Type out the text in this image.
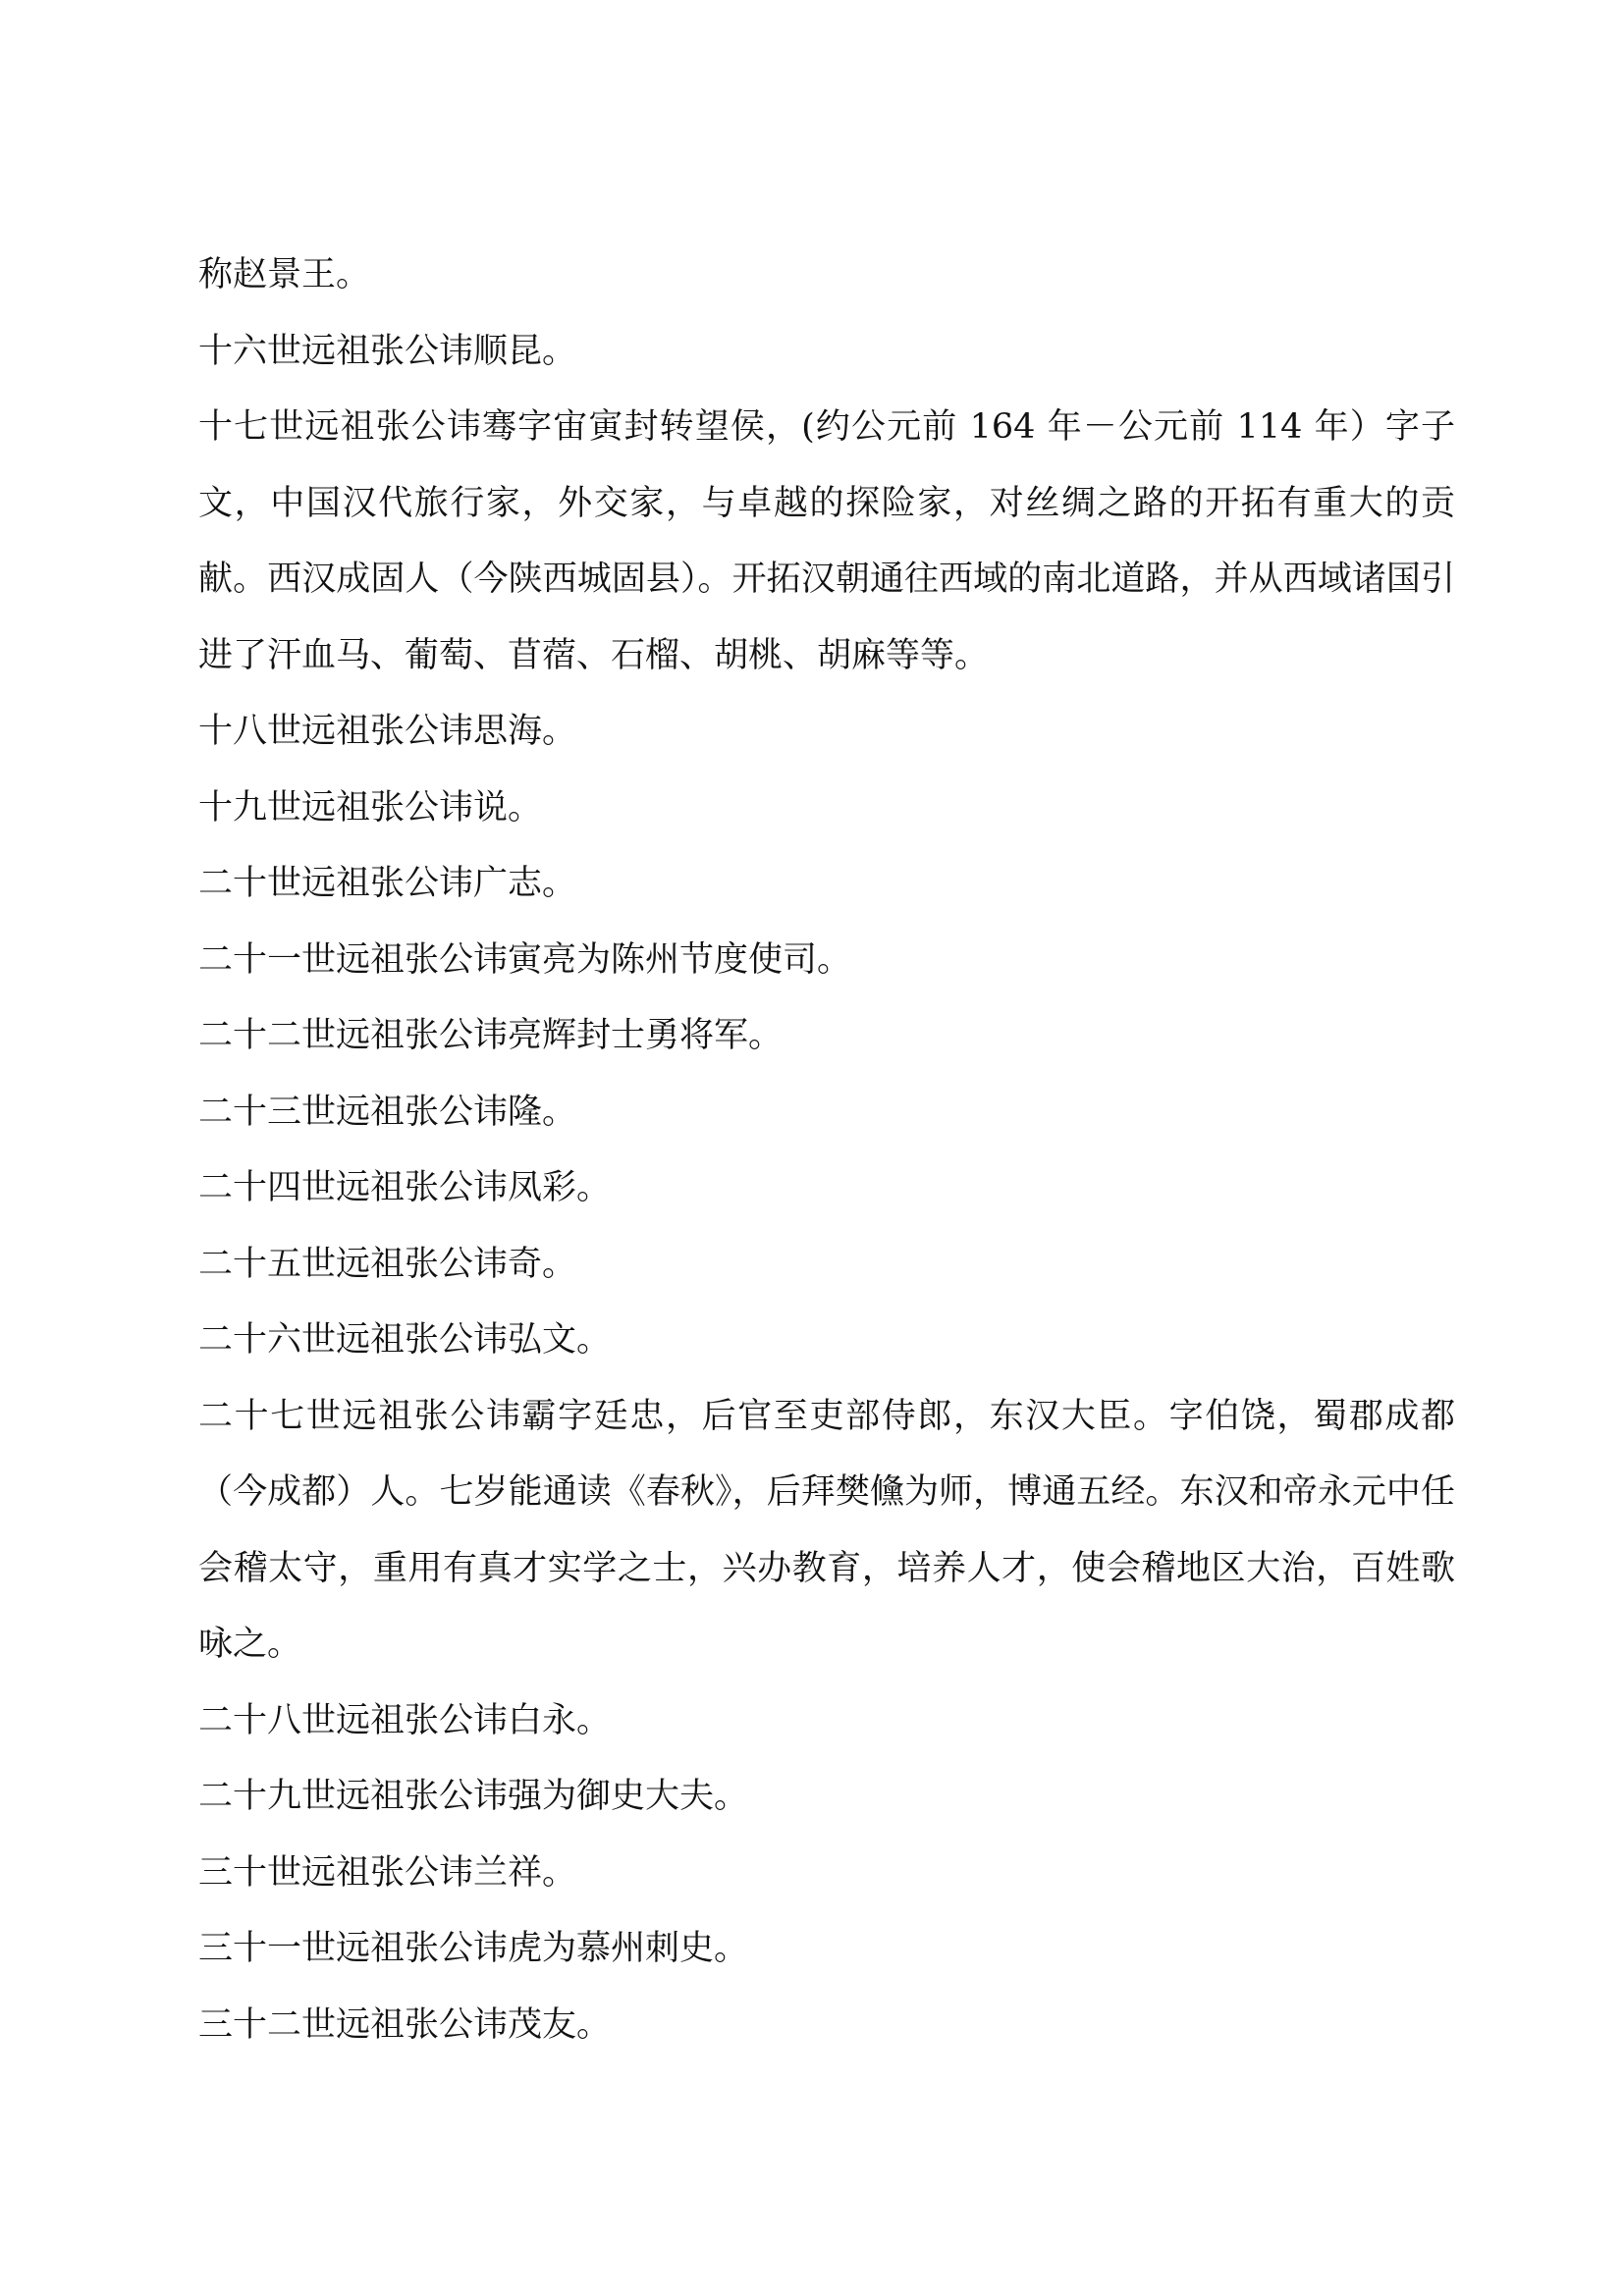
称赵景王。

十六世远祖张公讳顺昆。

十七世远祖张公讳骞字宙寅封转望侯，(约公元前 164 年－公元前 114 年）字子文，中国汉代旅行家，外交家，与卓越的探险家，对丝绸之路的开拓有重大的贡献。西汉成固人（今陕西城固县）。开拓汉朝通往西域的南北道路，并从西域诸国引进了汗血马、葡萄、苜蓿、石榴、胡桃、胡麻等等。

十八世远祖张公讳思海。

十九世远祖张公讳说。

二十世远祖张公讳广志。

二十一世远祖张公讳寅亮为陈州节度使司。

二十二世远祖张公讳亮辉封士勇将军。

二十三世远祖张公讳隆。

二十四世远祖张公讳凤彩。

二十五世远祖张公讳奇。

二十六世远祖张公讳弘文。

二十七世远祖张公讳霸字廷忠，后官至吏部侍郎，东汉大臣。字伯饶，蜀郡成都（今成都）人。七岁能通读《春秋》，后拜樊儵为师，博通五经。东汉和帝永元中任会稽太守，重用有真才实学之士，兴办教育，培养人才，使会稽地区大治，百姓歌咏之。

二十八世远祖张公讳白永。

二十九世远祖张公讳强为御史大夫。

三十世远祖张公讳兰祥。

三十一世远祖张公讳虎为慕州刺史。

三十二世远祖张公讳茂友。
